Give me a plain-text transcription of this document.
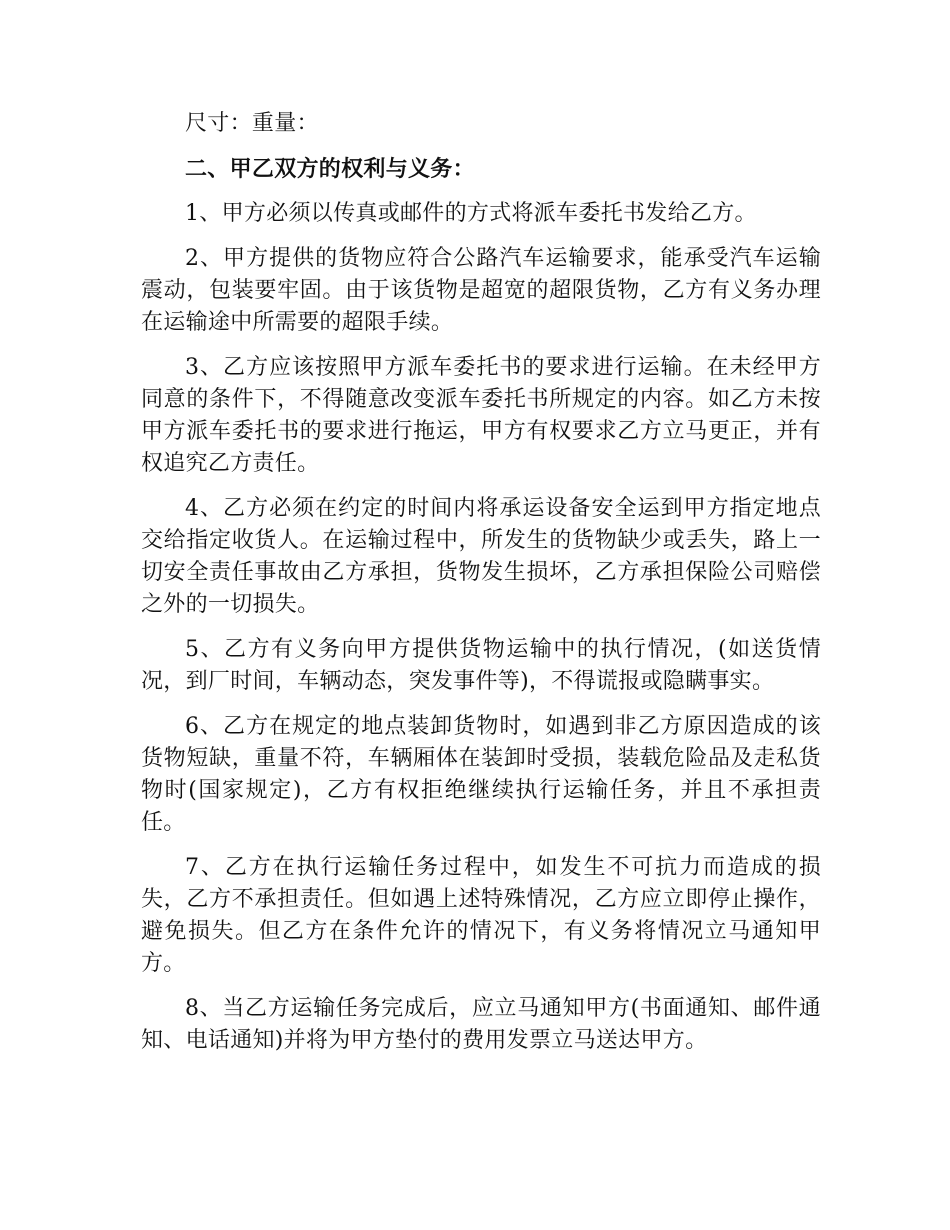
尺寸：重量：

二、甲乙双方的权利与义务：

1、甲方必须以传真或邮件的方式将派车委托书发给乙方。

2、甲方提供的货物应符合公路汽车运输要求，能承受汽车运输震动，包装要牢固。由于该货物是超宽的超限货物，乙方有义务办理在运输途中所需要的超限手续。

3、乙方应该按照甲方派车委托书的要求进行运输。在未经甲方同意的条件下，不得随意改变派车委托书所规定的内容。如乙方未按甲方派车委托书的要求进行拖运，甲方有权要求乙方立马更正，并有权追究乙方责任。

4、乙方必须在约定的时间内将承运设备安全运到甲方指定地点交给指定收货人。在运输过程中，所发生的货物缺少或丢失，路上一切安全责任事故由乙方承担，货物发生损坏，乙方承担保险公司赔偿之外的一切损失。

5、乙方有义务向甲方提供货物运输中的执行情况，(如送货情况，到厂时间，车辆动态，突发事件等)，不得谎报或隐瞒事实。

6、乙方在规定的地点装卸货物时，如遇到非乙方原因造成的该货物短缺，重量不符，车辆厢体在装卸时受损，装载危险品及走私货物时(国家规定)，乙方有权拒绝继续执行运输任务，并且不承担责任。

7、乙方在执行运输任务过程中，如发生不可抗力而造成的损失，乙方不承担责任。但如遇上述特殊情况，乙方应立即停止操作，避免损失。但乙方在条件允许的情况下，有义务将情况立马通知甲方。

8、当乙方运输任务完成后，应立马通知甲方(书面通知、邮件通知、电话通知)并将为甲方垫付的费用发票立马送达甲方。
